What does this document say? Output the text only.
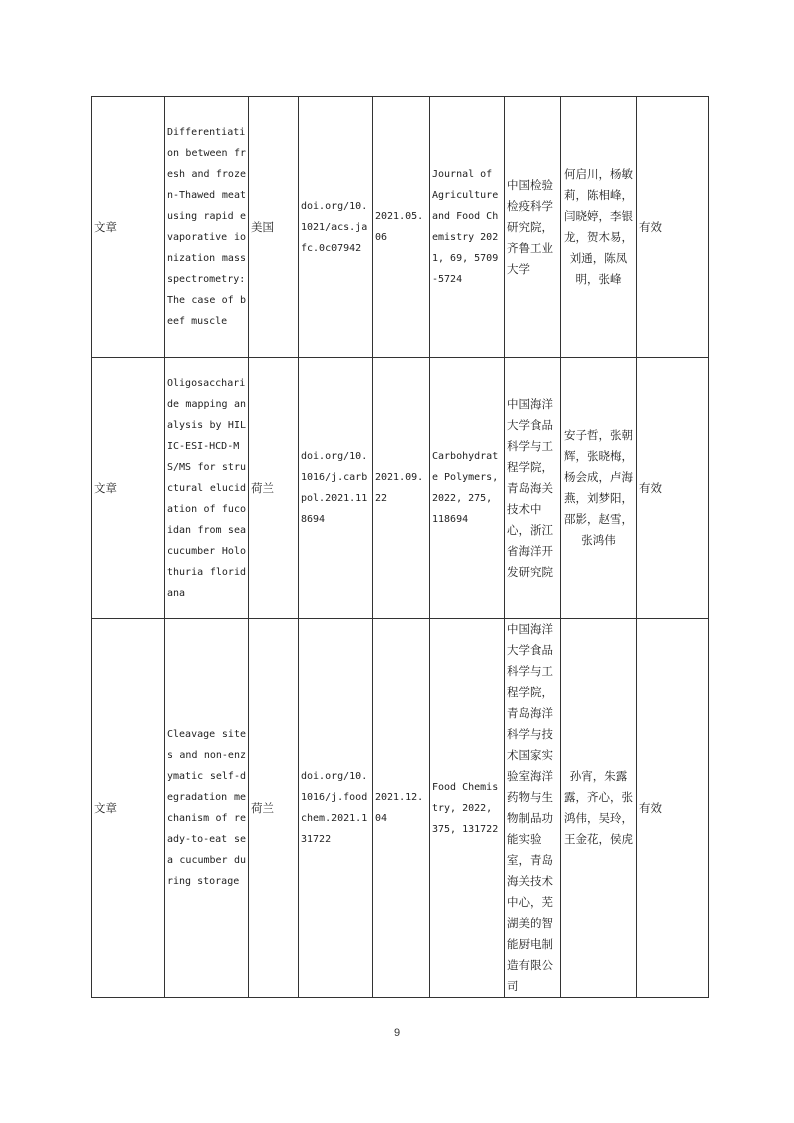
文章	Differentiation between fresh and frozen-Thawed meat using rapid evaporative ionization mass spectrometry: The case of beef muscle	美国	doi.org/10.1021/acs.jafc.0c07942	2021.05.06	Journal of Agriculture and Food Chemistry 2021, 69, 5709-5724	中国检验检疫科学研究院，齐鲁工业大学	何启川，杨敏莉，陈相峰，闫晓婷，李银龙，贺木易，刘通，陈凤明，张峰	有效
文章	Oligosaccharide mapping analysis by HILIC-ESI-HCD-MS/MS for structural elucidation of fucoidan from sea cucumber Holothuria floridana	荷兰	doi.org/10.1016/j.carbpol.2021.118694	2021.09.22	Carbohydrate Polymers, 2022, 275, 118694	中国海洋大学食品科学与工程学院，青岛海关技术中心，浙江省海洋开发研究院	安子哲，张朝辉，张晓梅，杨会成，卢海燕，刘梦阳，邵影，赵雪，张鸿伟	有效
文章	Cleavage sites and non-enzymatic self-degradation mechanism of ready-to-eat sea cucumber during storage	荷兰	doi.org/10.1016/j.foodchem.2021.131722	2021.12.04	Food Chemistry, 2022, 375, 131722	中国海洋大学食品科学与工程学院，青岛海洋科学与技术国家实验室海洋药物与生物制品功能实验室，青岛海关技术中心，芜湖美的智能厨电制造有限公司	孙宵，朱露露，齐心，张鸿伟，吴玲，王金花，侯虎	有效
9
